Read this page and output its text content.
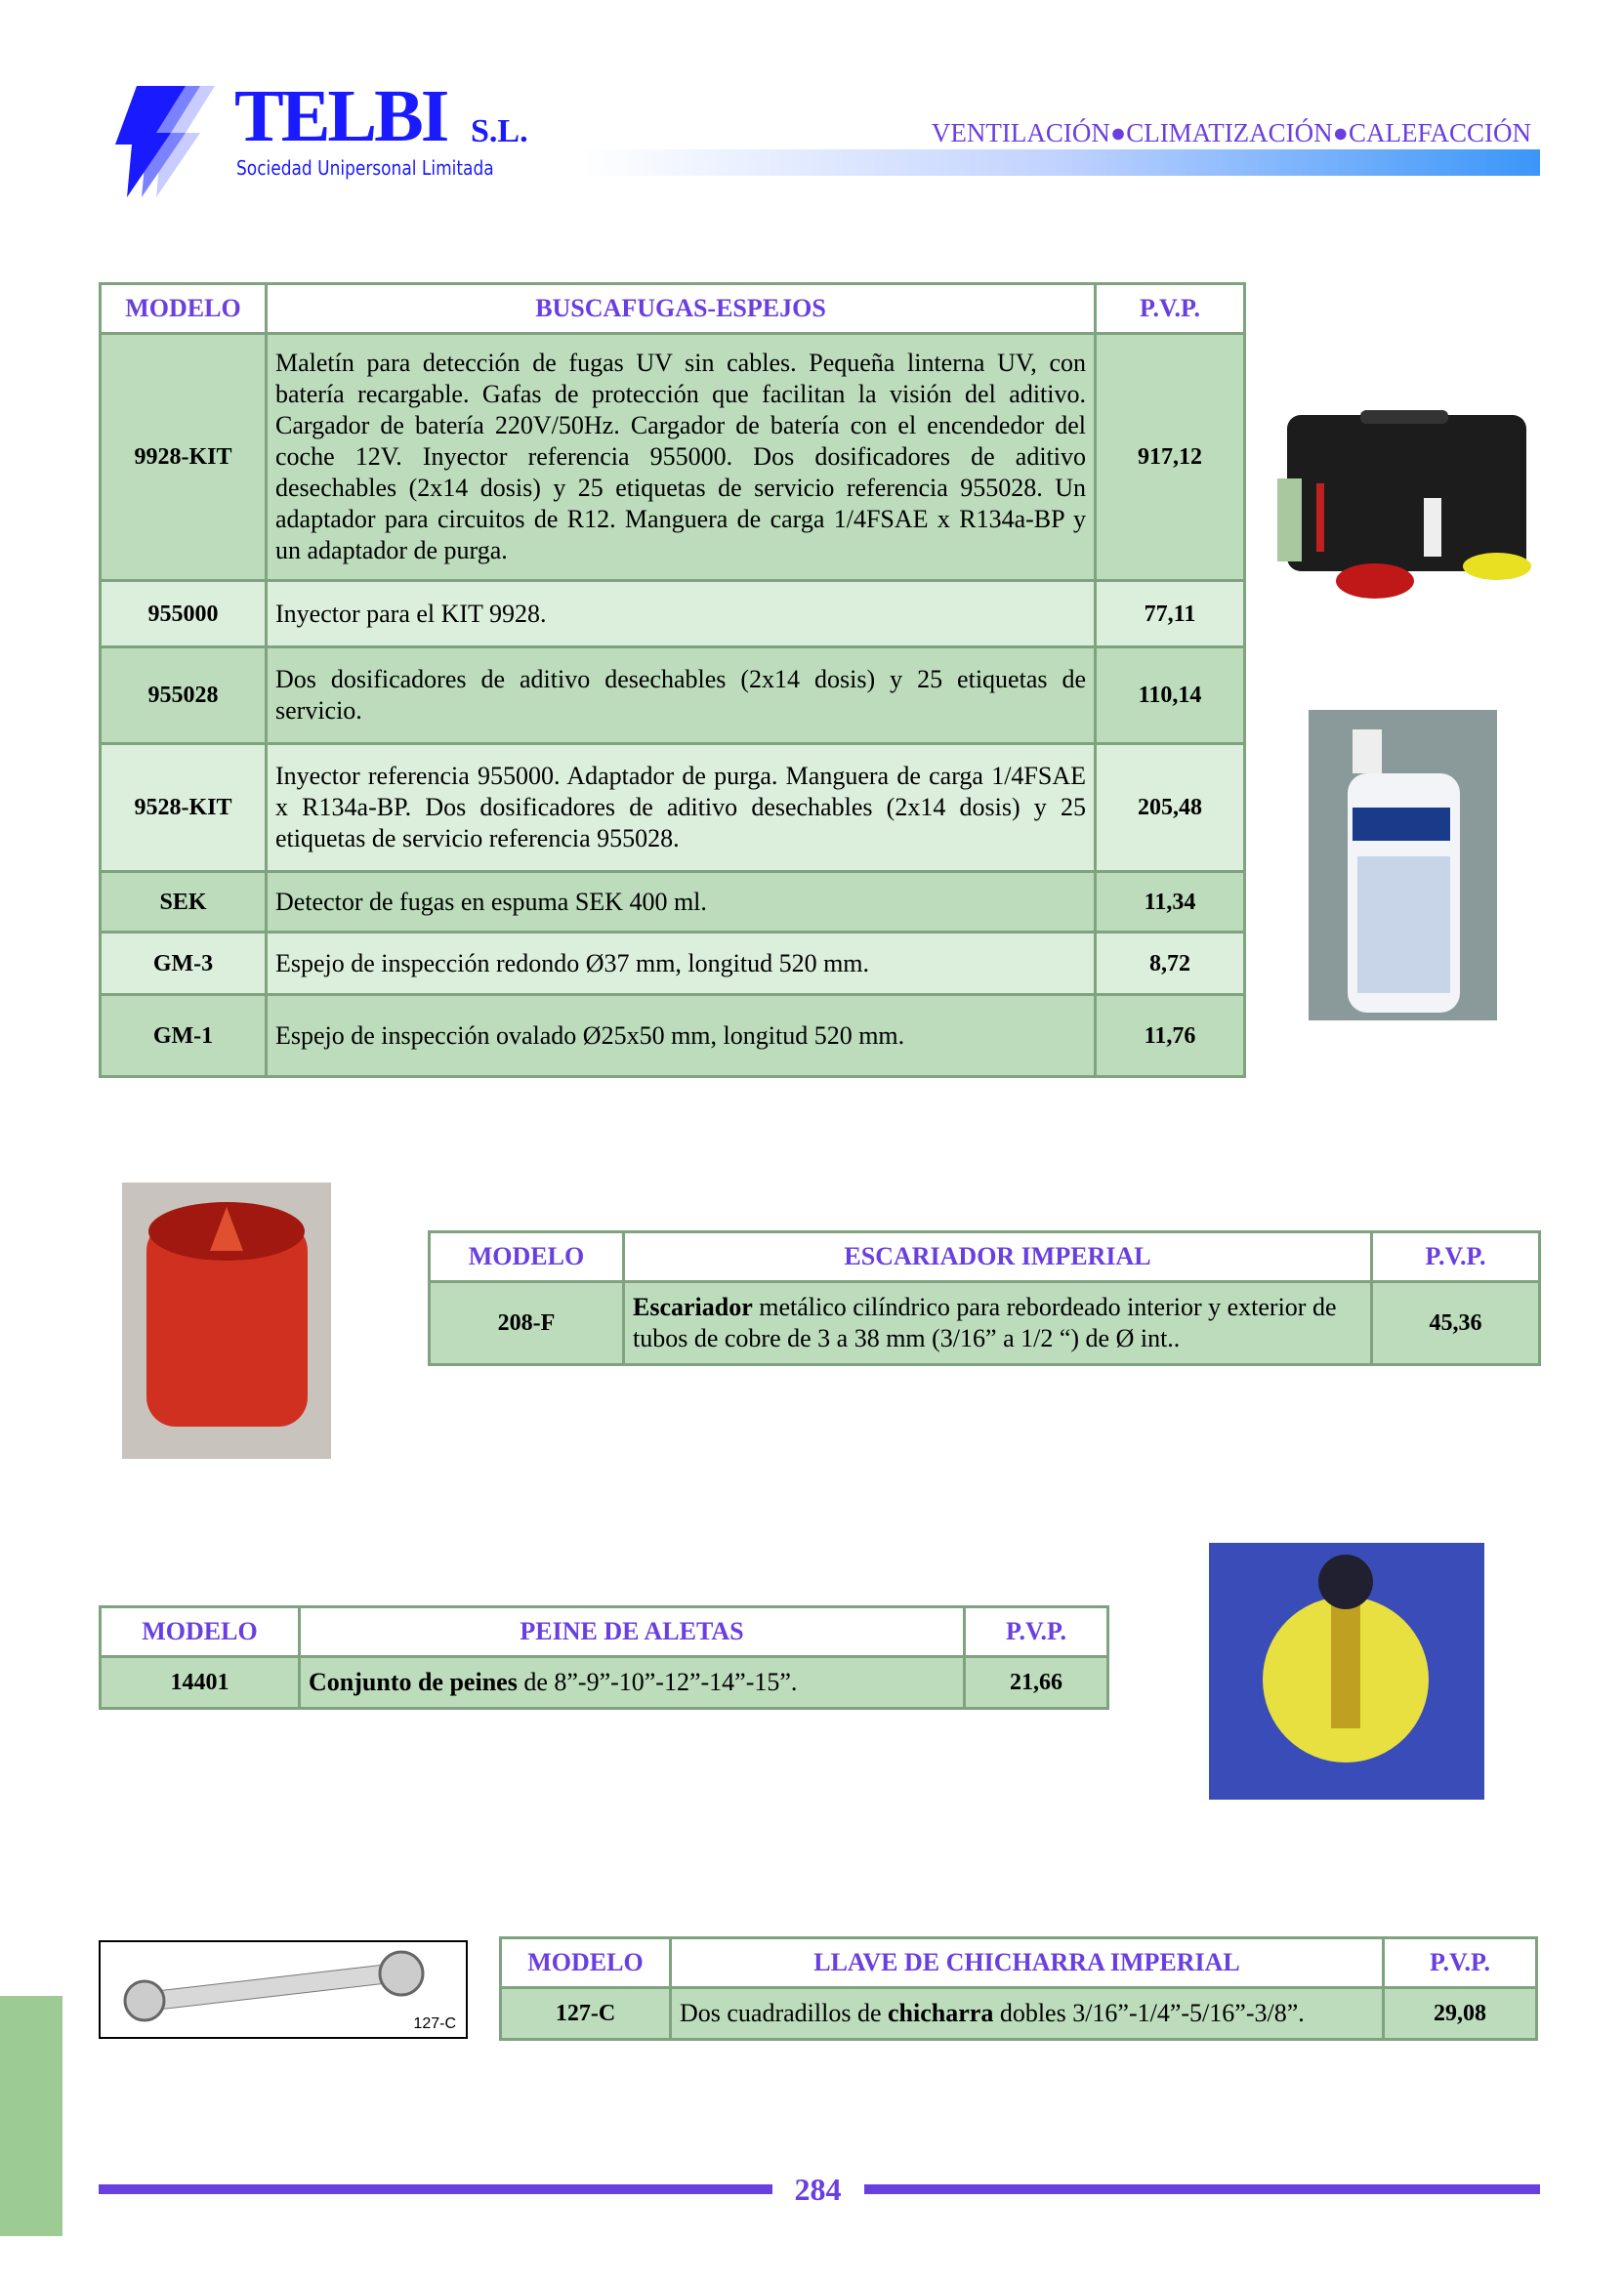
TELBI S.L.
Sociedad Unipersonal Limitada
VENTILACIÓN●CLIMATIZACIÓN●CALEFACCIÓN
MODELO	BUSCAFUGAS-ESPEJOS	P.V.P.
9928-KIT	Maletín para detección de fugas UV sin cables. Pequeña linterna UV, con batería recargable. Gafas de protección que facilitan la visión del aditivo. Cargador de batería 220V/50Hz. Cargador de batería con el encendedor del coche 12V. Inyector referencia 955000. Dos dosificadores de aditivo desechables (2x14 dosis) y 25 etiquetas de servicio referencia 955028. Un adaptador para circuitos de R12. Manguera de carga 1/4FSAE x R134a-BP y un adaptador de purga.	917,12
955000	Inyector para el KIT 9928.	77,11
955028	Dos dosificadores de aditivo desechables (2x14 dosis) y 25 etiquetas de servicio.	110,14
9528-KIT	Inyector referencia 955000. Adaptador de purga. Manguera de carga 1/4FSAE x R134a-BP. Dos dosificadores de aditivo desechables (2x14 dosis) y 25 etiquetas de servicio referencia 955028.	205,48
SEK	Detector de fugas en espuma SEK 400 ml.	11,34
GM-3	Espejo de inspección redondo Ø37 mm, longitud 520 mm.	8,72
GM-1	Espejo de inspección ovalado Ø25x50 mm, longitud 520 mm.	11,76
MODELO	ESCARIADOR IMPERIAL	P.V.P.
208-F	Escariador metálico cilíndrico para rebordeado interior y exterior de tubos de cobre de 3 a 38 mm (3/16” a 1/2 “) de Ø int..	45,36
MODELO	PEINE DE ALETAS	P.V.P.
14401	Conjunto de peines de 8”-9”-10”-12”-14”-15”.	21,66
127-C
MODELO	LLAVE DE CHICHARRA IMPERIAL	P.V.P.
127-C	Dos cuadradillos de chicharra dobles 3/16”-1/4”-5/16”-3/8”.	29,08
284
